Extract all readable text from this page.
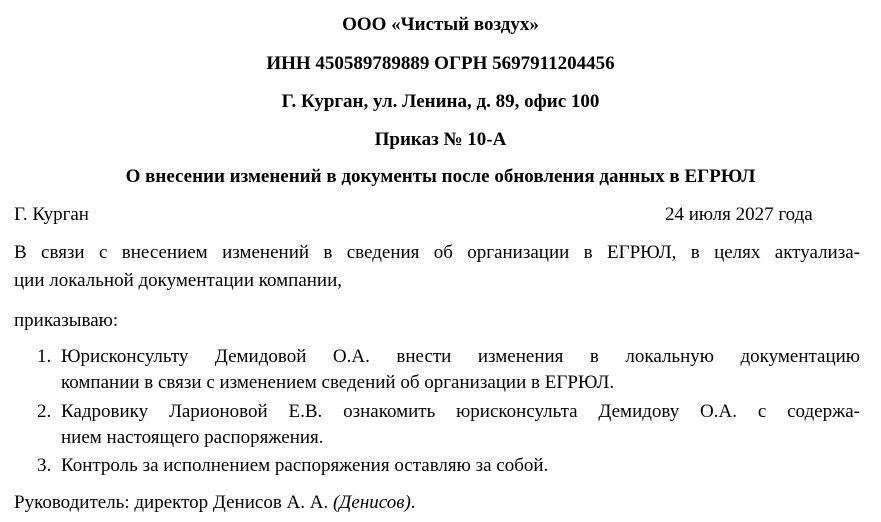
ООО «Чистый воздух»
ИНН 450589789889 ОГРН 5697911204456
Г. Курган, ул. Ленина, д. 89, офис 100
Приказ № 10-А
О внесении изменений в документы после обновления данных в ЕГРЮЛ
Г. Курган	24 июля 2027 года
В связи с внесением изменений в сведения об организации в ЕГРЮЛ, в целях актуализа-
ции локальной документации компании,
приказываю:
1. Юрисконсульту Демидовой О.А. внести изменения в локальную документацию
компании в связи с изменением сведений об организации в ЕГРЮЛ.
2. Кадровику Ларионовой Е.В. ознакомить юрисконсульта Демидову О.А. с содержа-
нием настоящего распоряжения.
3. Контроль за исполнением распоряжения оставляю за собой.
Руководитель: директор Денисов А. А. (Денисов).
